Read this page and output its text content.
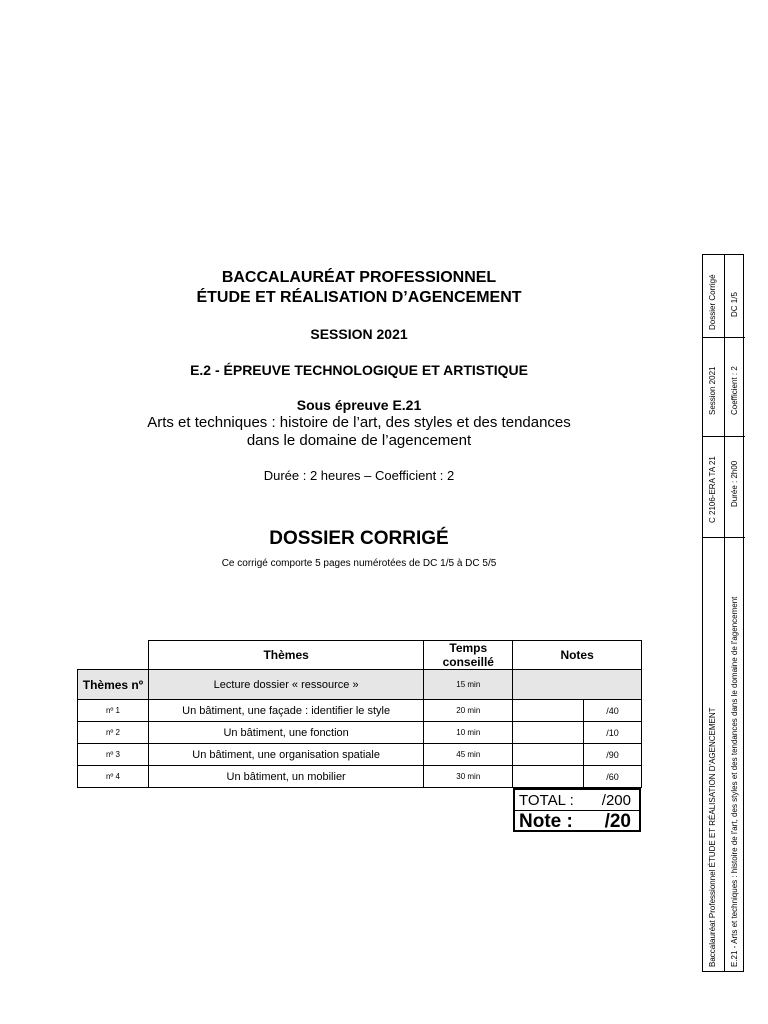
BACCALAURÉAT PROFESSIONNEL
ÉTUDE ET RÉALISATION D’AGENCEMENT
SESSION 2021
E.2 - ÉPREUVE TECHNOLOGIQUE ET ARTISTIQUE
Sous épreuve E.21
Arts et techniques : histoire de l’art, des styles et des tendances
dans le domaine de l’agencement
Durée : 2 heures – Coefficient : 2
DOSSIER CORRIGÉ
Ce corrigé comporte 5 pages numérotées de DC 1/5 à DC 5/5
	Thèmes	Temps conseillé	Notes	
Thèmes nº	Lecture dossier « ressource »	15 min		
nº 1	Un bâtiment, une façade : identifier le style	20 min		/40
nº 2	Un bâtiment, une fonction	10 min		/10
nº 3	Un bâtiment, une organisation spatiale	45 min		/90
nº 4	Un bâtiment, un mobilier	30 min		/60
TOTAL : /200
Note : /20
Dossier Corrigé
Session 2021
C 2106-ERA TA 21
Baccalauréat Professionnel ÉTUDE ET RÉALISATION D'AGENCEMENT
DC 1/5
Coefficient : 2
Durée : 2h00
E.21 - Arts et techniques : histoire de l'art, des styles et des tendances dans le domaine de l'agencement
